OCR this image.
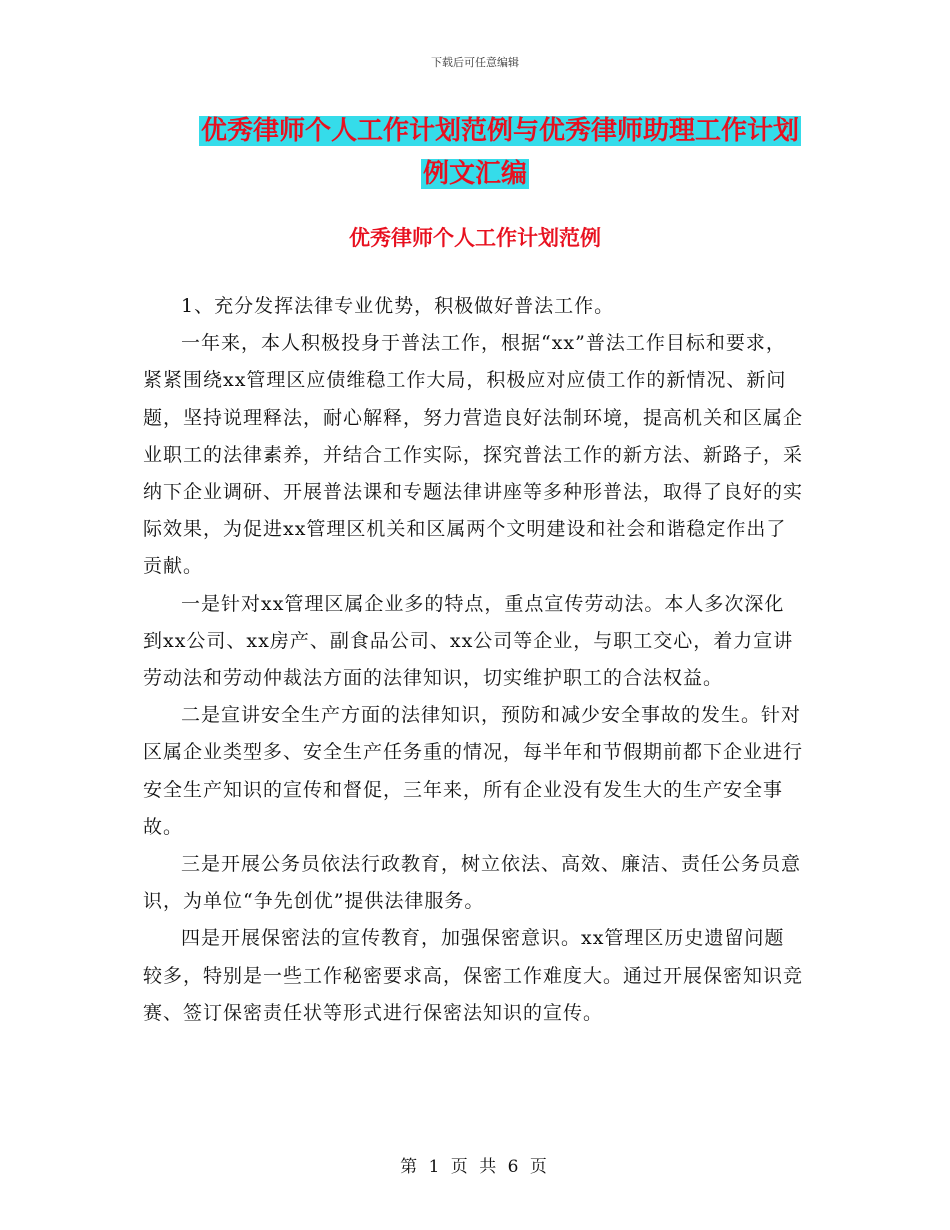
下载后可任意编辑
优秀律师个人工作计划范例与优秀律师助理工作计划
例文汇编
优秀律师个人工作计划范例

1、充分发挥法律专业优势，积极做好普法工作。

一年来，本人积极投身于普法工作，根据“xx”普法工作目标和要求，紧紧围绕xx管理区应债维稳工作大局，积极应对应债工作的新情况、新问题，坚持说理释法，耐心解释，努力营造良好法制环境，提高机关和区属企业职工的法律素养，并结合工作实际，探究普法工作的新方法、新路子，采纳下企业调研、开展普法课和专题法律讲座等多种形普法，取得了良好的实际效果，为促进xx管理区机关和区属两个文明建设和社会和谐稳定作出了贡献。

一是针对xx管理区属企业多的特点，重点宣传劳动法。本人多次深化到xx公司、xx房产、副食品公司、xx公司等企业，与职工交心，着力宣讲劳动法和劳动仲裁法方面的法律知识，切实维护职工的合法权益。

二是宣讲安全生产方面的法律知识，预防和减少安全事故的发生。针对区属企业类型多、安全生产任务重的情况，每半年和节假期前都下企业进行安全生产知识的宣传和督促，三年来，所有企业没有发生大的生产安全事故。

三是开展公务员依法行政教育，树立依法、高效、廉洁、责任公务员意识，为单位“争先创优”提供法律服务。

四是开展保密法的宣传教育，加强保密意识。xx管理区历史遗留问题较多，特别是一些工作秘密要求高，保密工作难度大。通过开展保密知识竞赛、签订保密责任状等形式进行保密法知识的宣传。

第 1 页 共 6 页
